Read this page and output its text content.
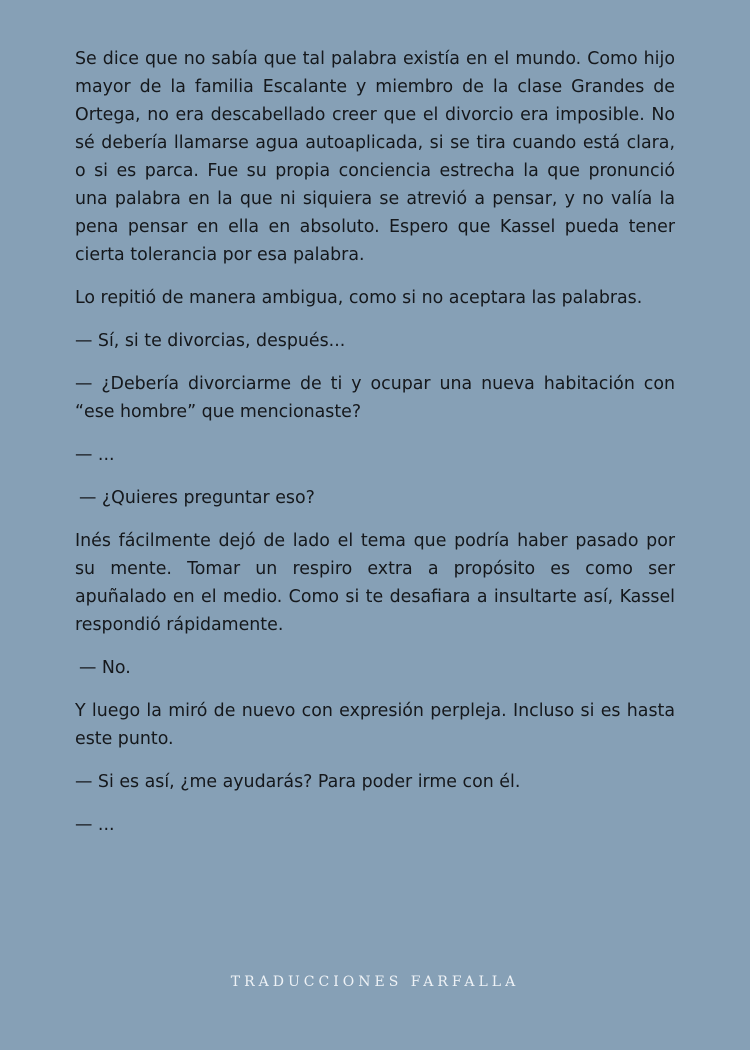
Se dice que no sabía que tal palabra existía en el mundo. Como hijo mayor de la familia Escalante y miembro de la clase Grandes de Ortega, no era descabellado creer que el divorcio era imposible. No sé debería llamarse agua autoaplicada, si se tira cuando está clara, o si es parca. Fue su propia conciencia estrecha la que pronunció una palabra en la que ni siquiera se atrevió a pensar, y no valía la pena pensar en ella en absoluto. Espero que Kassel pueda tener cierta tolerancia por esa palabra.

Lo repitió de manera ambigua, como si no aceptara las palabras.

— Sí, si te divorcias, después...

— ¿Debería divorciarme de ti y ocupar una nueva habitación con “ese hombre” que mencionaste?

— ...

— ¿Quieres preguntar eso?

Inés fácilmente dejó de lado el tema que podría haber pasado por su mente. Tomar un respiro extra a propósito es como ser apuñalado en el medio. Como si te desafiara a insultarte así, Kassel respondió rápidamente.

— No.

Y luego la miró de nuevo con expresión perpleja. Incluso si es hasta este punto.

— Si es así, ¿me ayudarás? Para poder irme con él.

— ...

TRADUCCIONES FARFALLA
